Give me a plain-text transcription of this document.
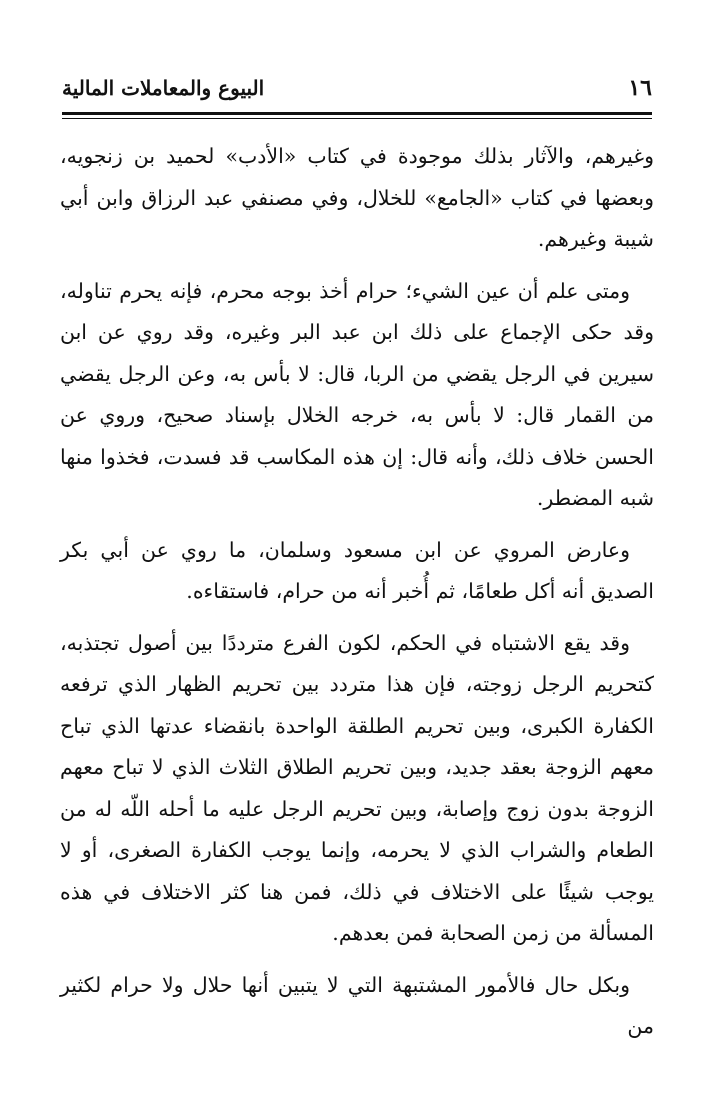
١٦
البيوع والمعاملات المالية

وغيرهم، والآثار بذلك موجودة في كتاب «الأدب» لحميد بن زنجويه، وبعضها في كتاب «الجامع» للخلال، وفي مصنفي عبد الرزاق وابن أبي شيبة وغيرهم.

ومتى علم أن عين الشيء؛ حرام أخذ بوجه محرم، فإنه يحرم تناوله، وقد حكى الإجماع على ذلك ابن عبد البر وغيره، وقد روي عن ابن سيرين في الرجل يقضي من الربا، قال: لا بأس به، وعن الرجل يقضي من القمار قال: لا بأس به، خرجه الخلال بإسناد صحيح، وروي عن الحسن خلاف ذلك، وأنه قال: إن هذه المكاسب قد فسدت، فخذوا منها شبه المضطر.

وعارض المروي عن ابن مسعود وسلمان، ما روي عن أبي بكر الصديق أنه أكل طعامًا، ثم أُخبر أنه من حرام، فاستقاءه.

وقد يقع الاشتباه في الحكم، لكون الفرع مترددًا بين أصول تجتذبه، كتحريم الرجل زوجته، فإن هذا متردد بين تحريم الظهار الذي ترفعه الكفارة الكبرى، وبين تحريم الطلقة الواحدة بانقضاء عدتها الذي تباح معهم الزوجة بعقد جديد، وبين تحريم الطلاق الثلاث الذي لا تباح معهم الزوجة بدون زوج وإصابة، وبين تحريم الرجل عليه ما أحله اللّه له من الطعام والشراب الذي لا يحرمه، وإنما يوجب الكفارة الصغرى، أو لا يوجب شيئًا على الاختلاف في ذلك، فمن هنا كثر الاختلاف في هذه المسألة من زمن الصحابة فمن بعدهم.

وبكل حال فالأمور المشتبهة التي لا يتبين أنها حلال ولا حرام لكثير من
